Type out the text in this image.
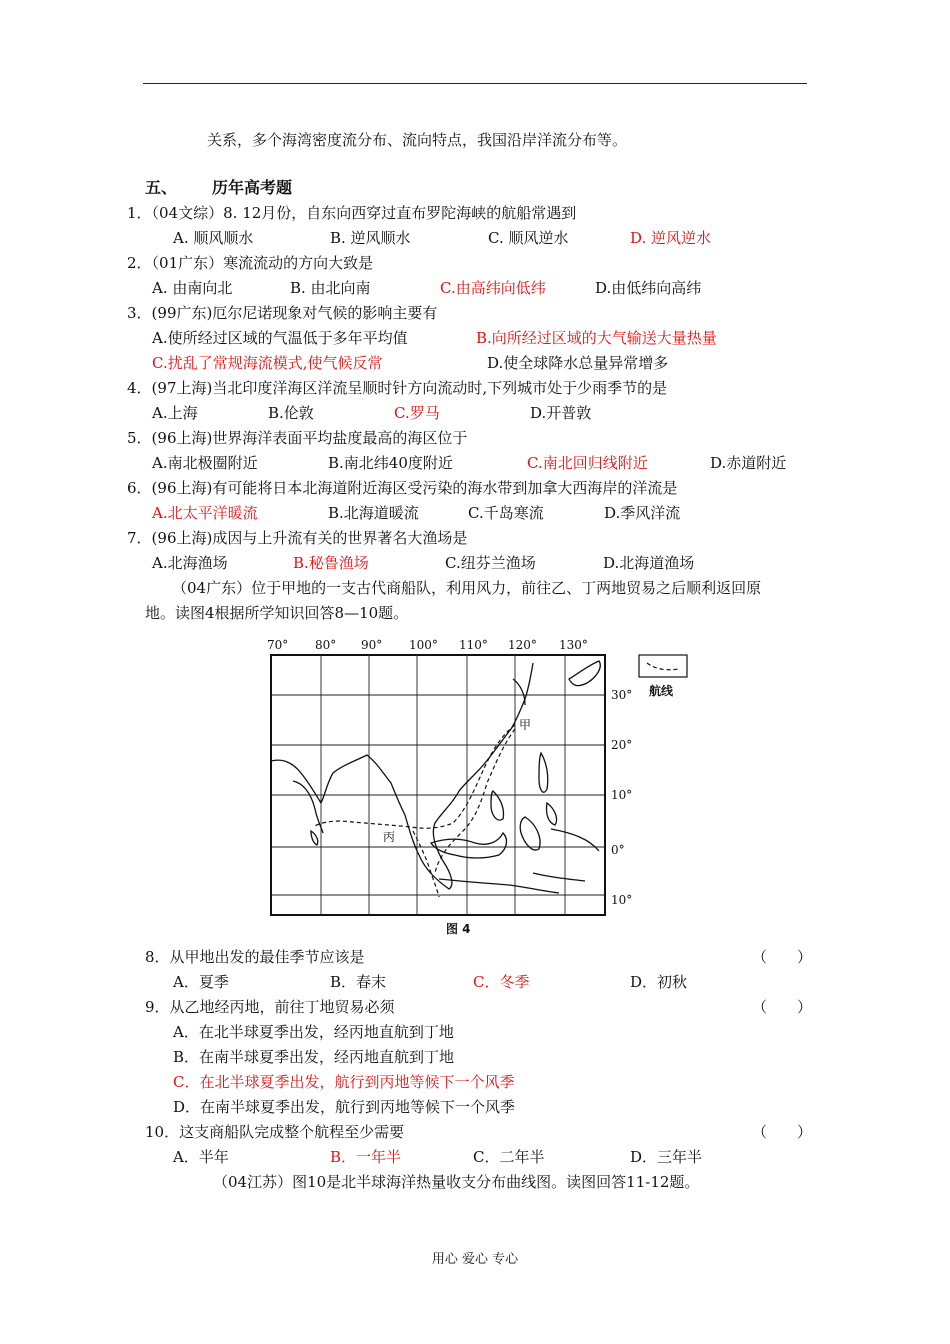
关系，多个海湾密度流分布、流向特点，我国沿岸洋流分布等。
五、 历年高考题
1．（04文综）8. 12月份，自东向西穿过直布罗陀海峡的航船常遇到
A. 顺风顺水	B. 逆风顺水	C. 顺风逆水	D. 逆风逆水
2．（01广东）寒流流动的方向大致是
A. 由南向北	B. 由北向南	C.由高纬向低纬	D.由低纬向高纬
3．(99广东)厄尔尼诺现象对气候的影响主要有
A.使所经过区域的气温低于多年平均值	B.向所经过区域的大气输送大量热量
C.扰乱了常规海流模式,使气候反常	D.使全球降水总量异常增多
4．(97上海)当北印度洋海区洋流呈顺时针方向流动时,下列城市处于少雨季节的是
A.上海	B.伦敦	C.罗马	D.开普敦
5．(96上海)世界海洋表面平均盐度最高的海区位于
A.南北极圈附近	B.南北纬40度附近	C.南北回归线附近	D.赤道附近
6．(96上海)有可能将日本北海道附近海区受污染的海水带到加拿大西海岸的洋流是
A.北太平洋暖流	B.北海道暖流	C.千岛寒流	D.季风洋流
7．(96上海)成因与上升流有关的世界著名大渔场是
A.北海渔场	B.秘鲁渔场	C.纽芬兰渔场	D.北海道渔场
（04广东）位于甲地的一支古代商船队，利用风力，前往乙、丁两地贸易之后顺利返回原
地。读图4根据所学知识回答8—10题。
70° 80° 90° 100° 110° 120° 130°
30°
20°
10°
0°
10°
甲
丙
航线
图 4
8．从甲地出发的最佳季节应该是	（　　）
A．夏季	B．春末	C．冬季	D．初秋
9．从乙地经丙地，前往丁地贸易必须	（　　）
A．在北半球夏季出发，经丙地直航到丁地
B．在南半球夏季出发，经丙地直航到丁地
C．在北半球夏季出发，航行到丙地等候下一个风季
D．在南半球夏季出发，航行到丙地等候下一个风季
10．这支商船队完成整个航程至少需要	（　　）
A．半年	B．一年半	C．二年半	D．三年半
（04江苏）图10是北半球海洋热量收支分布曲线图。读图回答11-12题。
用心 爱心 专心
